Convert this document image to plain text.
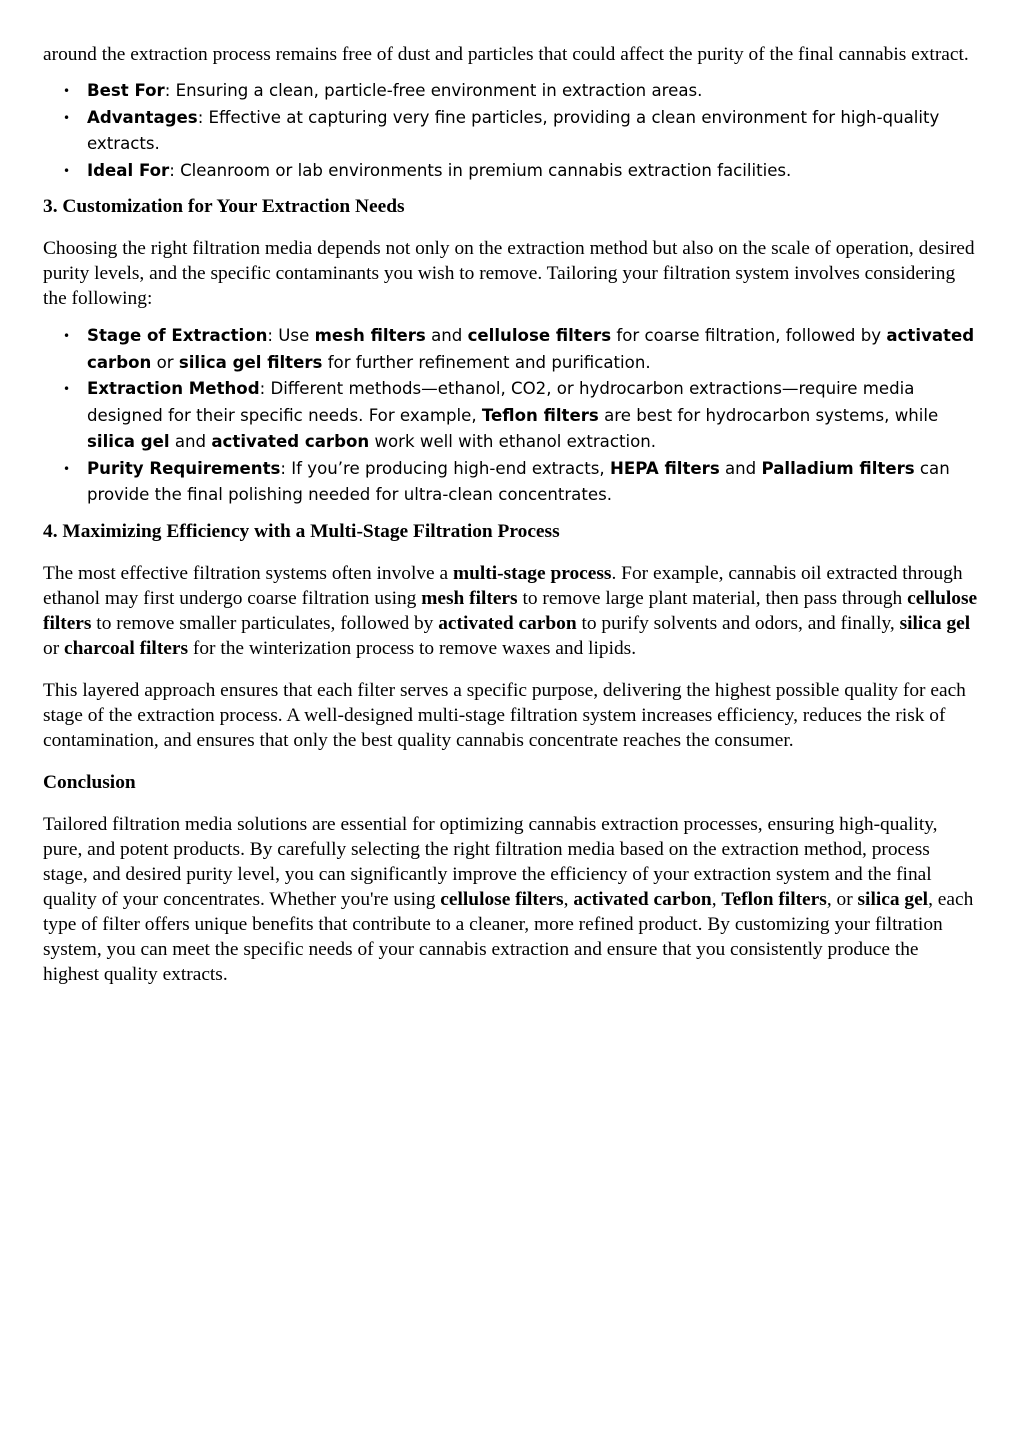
around the extraction process remains free of dust and particles that could affect the purity of the final cannabis extract.

• Best For: Ensuring a clean, particle-free environment in extraction areas.
• Advantages: Effective at capturing very fine particles, providing a clean environment for high-quality extracts.
• Ideal For: Cleanroom or lab environments in premium cannabis extraction facilities.
3. Customization for Your Extraction Needs

Choosing the right filtration media depends not only on the extraction method but also on the scale of operation, desired purity levels, and the specific contaminants you wish to remove. Tailoring your filtration system involves considering the following:

• Stage of Extraction: Use mesh filters and cellulose filters for coarse filtration, followed by activated carbon or silica gel filters for further refinement and purification.
• Extraction Method: Different methods—ethanol, CO2, or hydrocarbon extractions—require media designed for their specific needs. For example, Teflon filters are best for hydrocarbon systems, while silica gel and activated carbon work well with ethanol extraction.
• Purity Requirements: If you’re producing high-end extracts, HEPA filters and Palladium filters can provide the final polishing needed for ultra-clean concentrates.
4. Maximizing Efficiency with a Multi-Stage Filtration Process

The most effective filtration systems often involve a multi-stage process. For example, cannabis oil extracted through ethanol may first undergo coarse filtration using mesh filters to remove large plant material, then pass through cellulose filters to remove smaller particulates, followed by activated carbon to purify solvents and odors, and finally, silica gel or charcoal filters for the winterization process to remove waxes and lipids.

This layered approach ensures that each filter serves a specific purpose, delivering the highest possible quality for each stage of the extraction process. A well-designed multi-stage filtration system increases efficiency, reduces the risk of contamination, and ensures that only the best quality cannabis concentrate reaches the consumer.

Conclusion

Tailored filtration media solutions are essential for optimizing cannabis extraction processes, ensuring high-quality, pure, and potent products. By carefully selecting the right filtration media based on the extraction method, process stage, and desired purity level, you can significantly improve the efficiency of your extraction system and the final quality of your concentrates. Whether you're using cellulose filters, activated carbon, Teflon filters, or silica gel, each type of filter offers unique benefits that contribute to a cleaner, more refined product. By customizing your filtration system, you can meet the specific needs of your cannabis extraction and ensure that you consistently produce the highest quality extracts.
